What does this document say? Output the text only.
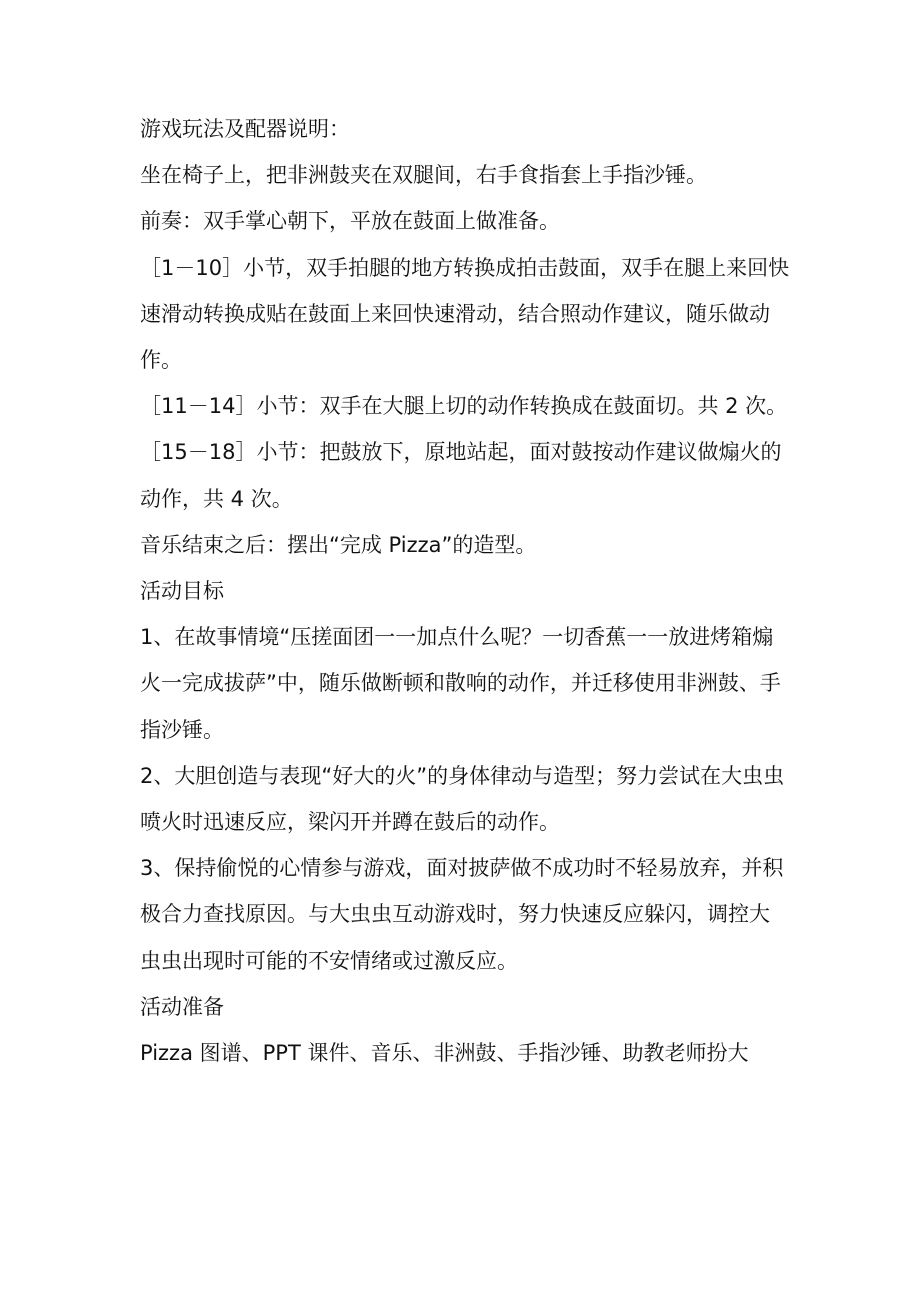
游戏玩法及配器说明：

坐在椅子上，把非洲鼓夹在双腿间，右手食指套上手指沙锤。

前奏：双手掌心朝下，平放在鼓面上做准备。

［1－10］小节，双手拍腿的地方转换成拍击鼓面，双手在腿上来回快速滑动转换成贴在鼓面上来回快速滑动，结合照动作建议，随乐做动作。

［11－14］小节：双手在大腿上切的动作转换成在鼓面切。共 2 次。

［15－18］小节：把鼓放下，原地站起，面对鼓按动作建议做煽火的动作，共 4 次。

音乐结束之后：摆出“完成 Pizza”的造型。

活动目标

1、在故事情境“压搓面团一一加点什么呢？一切香蕉一一放进烤箱煽火一完成拔萨”中，随乐做断顿和散响的动作，并迁移使用非洲鼓、手指沙锤。

2、大胆创造与表现“好大的火”的身体律动与造型；努力尝试在大虫虫喷火时迅速反应，梁闪开并蹲在鼓后的动作。

3、保持偷悦的心情参与游戏，面对披萨做不成功时不轻易放弃，并积极合力查找原因。与大虫虫互动游戏时，努力快速反应躲闪，调控大虫虫出现时可能的不安情绪或过激反应。

活动准备

Pizza 图谱、PPT 课件、音乐、非洲鼓、手指沙锤、助教老师扮大
